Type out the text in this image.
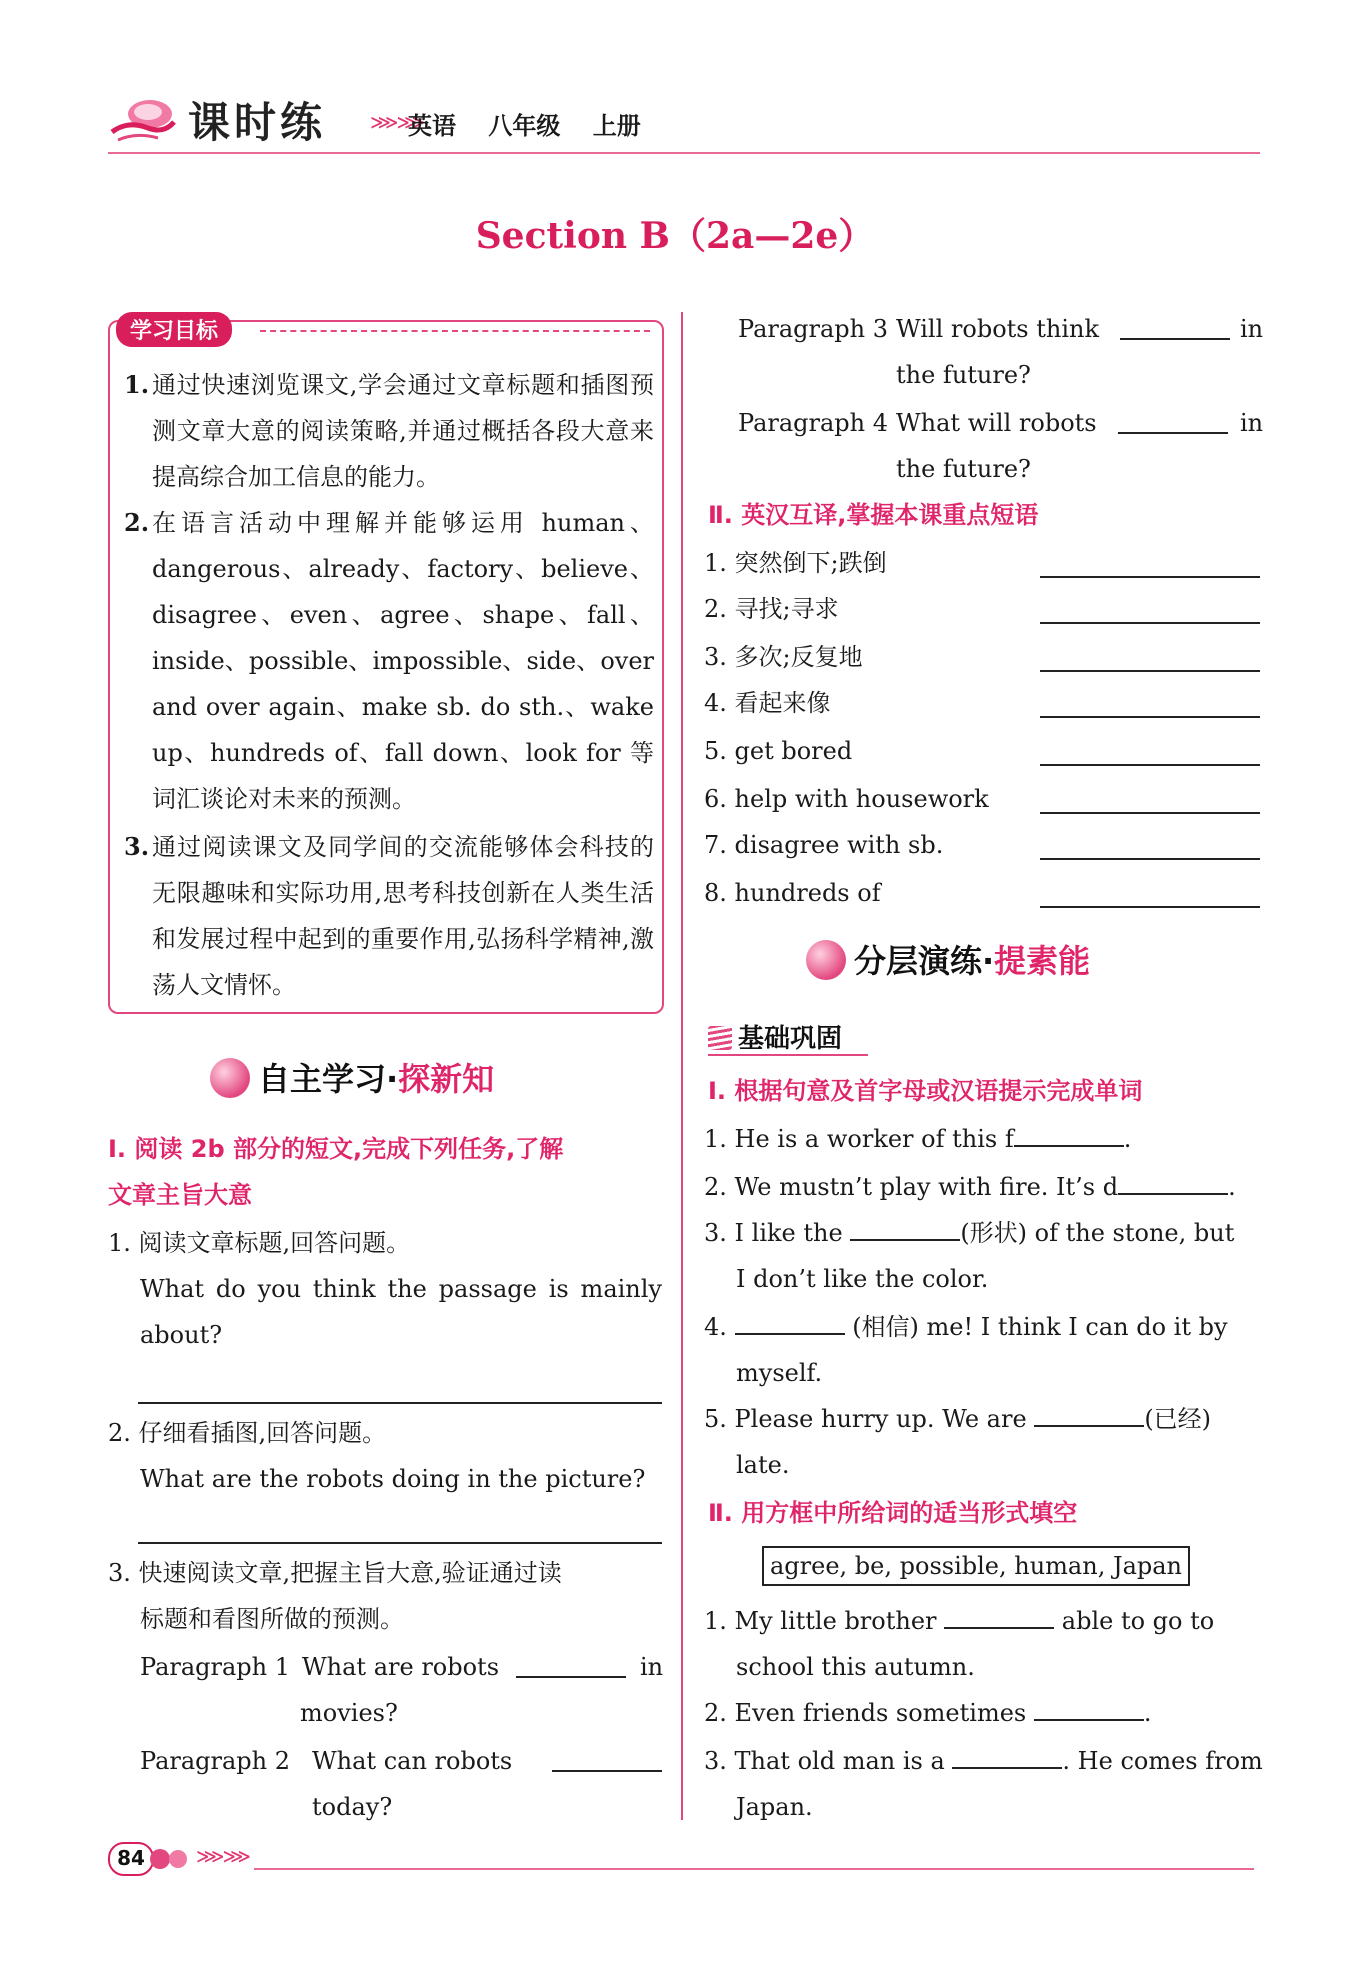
课时练 ⋙⋙
英语 八年级 上册
Section B（2a—2e）
学习目标
1. 通过快速浏览课文,学会通过文章标题和插图预测文章大意的阅读策略,并通过概括各段大意来提高综合加工信息的能力。
2. 在语言活动中理解并能够运用 human、dangerous、already、factory、believe、disagree、even、agree、shape、fall、inside、possible、impossible、side、over and over again、make sb. do sth.、wake up、hundreds of、fall down、look for 等词汇谈论对未来的预测。
3. 通过阅读课文及同学间的交流能够体会科技的无限趣味和实际功用,思考科技创新在人类生活和发展过程中起到的重要作用,弘扬科学精神,激荡人文情怀。
自主学习·探新知
Ⅰ. 阅读 2b 部分的短文,完成下列任务,了解
文章主旨大意
1. 阅读文章标题,回答问题。
What do you think the passage is mainly
about?
2. 仔细看插图,回答问题。
What are the robots doing in the picture?
3. 快速阅读文章,把握主旨大意,验证通过读
标题和看图所做的预测。
Paragraph 1 What are robots	in
movies?
Paragraph 2 What can robots
today?
Paragraph 3 Will robots think	in
the future?
Paragraph 4 What will robots	in
the future?
Ⅱ. 英汉互译,掌握本课重点短语
1. 突然倒下;跌倒
2. 寻找;寻求
3. 多次;反复地
4. 看起来像
5. get bored
6. help with housework
7. disagree with sb.
8. hundreds of
分层演练·提素能
基础巩固
Ⅰ. 根据句意及首字母或汉语提示完成单词
1. He is a worker of this f	.
2. We mustn’t play with fire. It’s d	.
3. I like the	(形状) of the stone, but
I don’t like the color.
4.	(相信) me! I think I can do it by
myself.
5. Please hurry up. We are	(已经)
late.
Ⅱ. 用方框中所给词的适当形式填空
agree, be, possible, human, Japan
1. My little brother	able to go to
school this autumn.
2. Even friends sometimes	.
3. That old man is a	. He comes from
Japan.
84	⋙⋙
